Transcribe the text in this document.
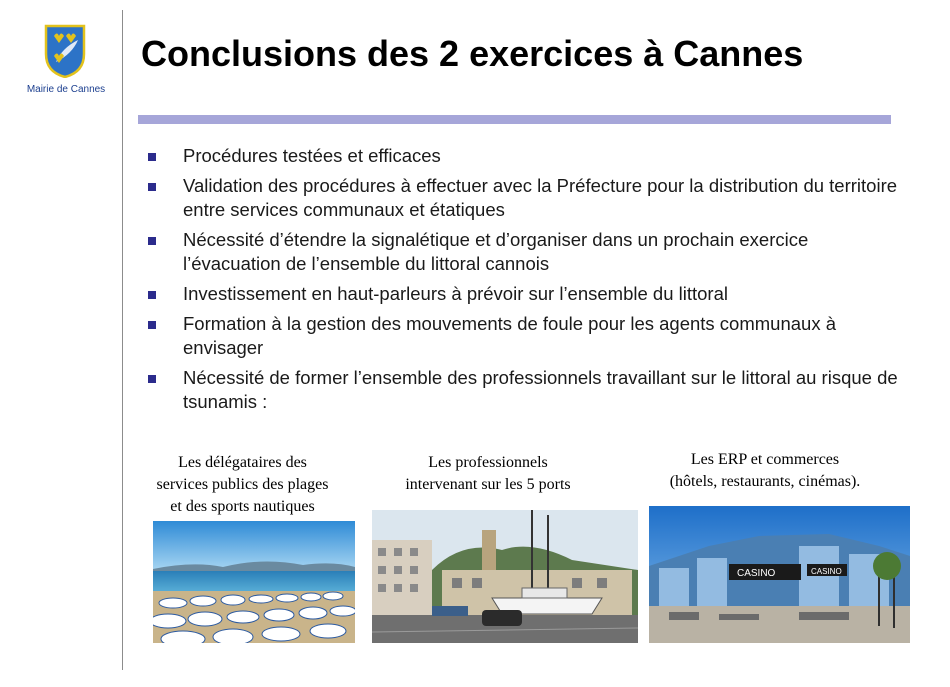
Mairie de Cannes
Conclusions des 2 exercices à Cannes
Procédures testées et efficaces
Validation des procédures à effectuer avec la Préfecture pour la distribution du territoire entre services communaux et étatiques
Nécessité d’étendre la signalétique et d’organiser dans un prochain exercice l’évacuation de l’ensemble du littoral cannois
Investissement en haut-parleurs à prévoir sur l’ensemble du littoral
Formation à la gestion des mouvements de foule pour les agents communaux à envisager
Nécessité de former l’ensemble des professionnels travaillant sur le littoral au risque de tsunamis :
Les délégataires des
services publics des plages
et des sports nautiques
Les professionnels
intervenant sur les 5 ports
Les ERP et commerces
(hôtels, restaurants, cinémas).
CASINO	CASINO
